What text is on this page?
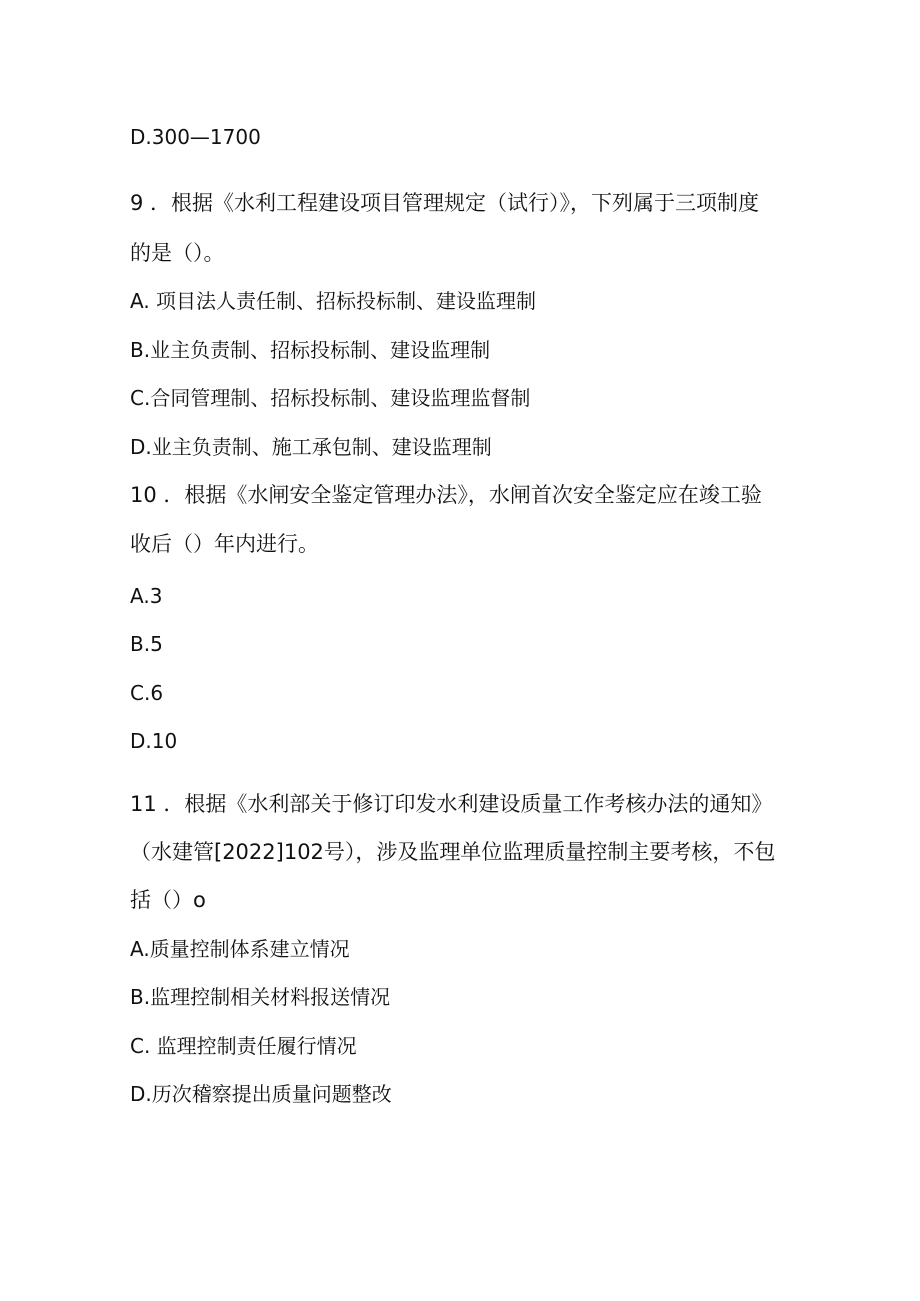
D.300—1700
9 ．根据《水利工程建设项目管理规定（试行）》，下列属于三项制度
的是（）。
A. 项目法人责任制、招标投标制、建设监理制
B.业主负责制、招标投标制、建设监理制
C.合同管理制、招标投标制、建设监理监督制
D.业主负责制、施工承包制、建设监理制
10 ．根据《水闸安全鉴定管理办法》，水闸首次安全鉴定应在竣工验
收后（）年内进行。
A.3
B.5
C.6
D.10
11 ．根据《水利部关于修订印发水利建设质量工作考核办法的通知》
（水建管[2022]102号），涉及监理单位监理质量控制主要考核，不包
括（）o
A.质量控制体系建立情况
B.监理控制相关材料报送情况
C. 监理控制责任履行情况
D.历次稽察提出质量问题整改
